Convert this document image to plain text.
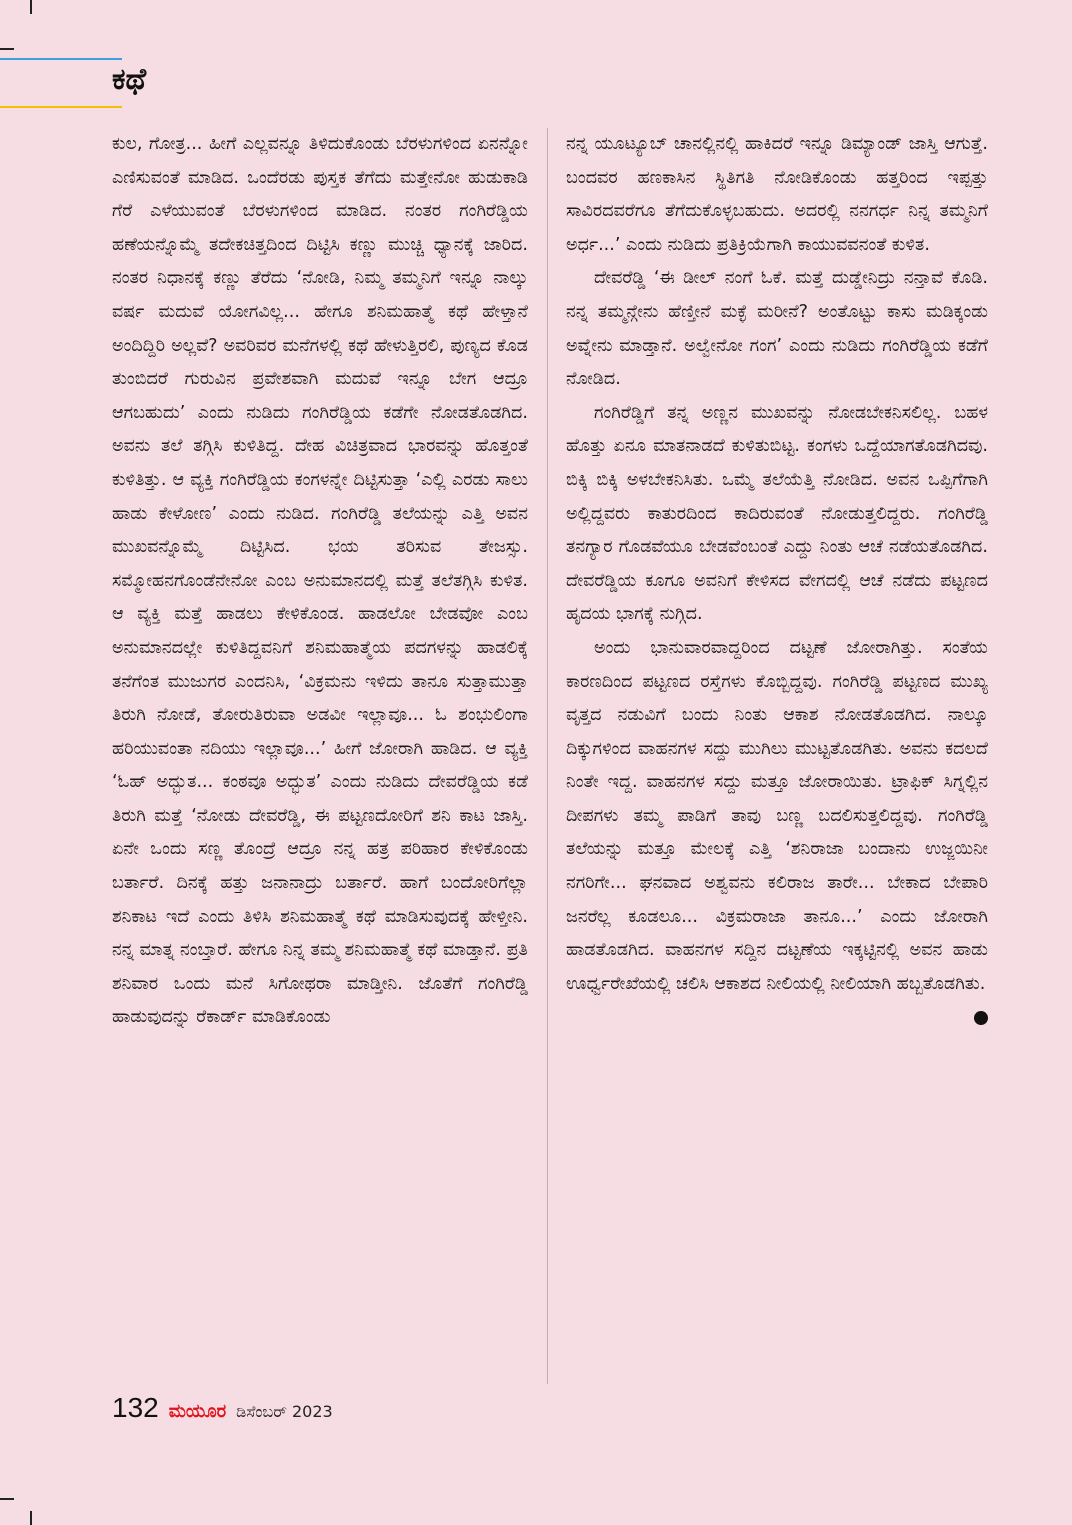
ಕಥೆ

ಕುಲ, ಗೋತ್ರ... ಹೀಗೆ ಎಲ್ಲವನ್ನೂ ತಿಳಿದುಕೊಂಡು ಬೆರಳುಗಳಿಂದ ಏನನ್ನೋ ಎಣಿಸುವಂತೆ ಮಾಡಿದ. ಒಂದೆರಡು ಪುಸ್ತಕ ತೆಗೆದು ಮತ್ತೇನೋ ಹುಡುಕಾಡಿ ಗೆರೆ ಎಳೆಯುವಂತೆ ಬೆರಳುಗಳಿಂದ ಮಾಡಿದ. ನಂತರ ಗಂಗಿರೆಡ್ಡಿಯ ಹಣೆಯನ್ನೊಮ್ಮೆ ತದೇಕಚಿತ್ತದಿಂದ ದಿಟ್ಟಿಸಿ ಕಣ್ಣು ಮುಚ್ಚಿ ಧ್ಯಾನಕ್ಕೆ ಜಾರಿದ. ನಂತರ ನಿಧಾನಕ್ಕೆ ಕಣ್ಣು ತೆರೆದು ‘ನೋಡಿ, ನಿಮ್ಮ ತಮ್ಮನಿಗೆ ಇನ್ನೂ ನಾಲ್ಕು ವರ್ಷ ಮದುವೆ ಯೋಗವಿಲ್ಲ... ಹೇಗೂ ಶನಿಮಹಾತ್ಮೆ ಕಥೆ ಹೇಳ್ತಾನೆ ಅಂದಿದ್ದಿರಿ ಅಲ್ಲವೆ? ಅವರಿವರ ಮನೆಗಳಲ್ಲಿ ಕಥೆ ಹೇಳುತ್ತಿರಲಿ, ಪುಣ್ಯದ ಕೊಡ ತುಂಬಿದರೆ ಗುರುವಿನ ಪ್ರವೇಶವಾಗಿ ಮದುವೆ ಇನ್ನೂ ಬೇಗ ಆದ್ರೂ ಆಗಬಹುದು’ ಎಂದು ನುಡಿದು ಗಂಗಿರೆಡ್ಡಿಯ ಕಡೆಗೇ ನೋಡತೊಡಗಿದ. ಅವನು ತಲೆ ತಗ್ಗಿಸಿ ಕುಳಿತಿದ್ದ. ದೇಹ ವಿಚಿತ್ರವಾದ ಭಾರವನ್ನು ಹೊತ್ತಂತೆ ಕುಳಿತಿತ್ತು. ಆ ವ್ಯಕ್ತಿ ಗಂಗಿರೆಡ್ಡಿಯ ಕಂಗಳನ್ನೇ ದಿಟ್ಟಿಸುತ್ತಾ ‘ಎಲ್ಲಿ ಎರಡು ಸಾಲು ಹಾಡು ಕೇಳೋಣ’ ಎಂದು ನುಡಿದ. ಗಂಗಿರೆಡ್ಡಿ ತಲೆಯನ್ನು ಎತ್ತಿ ಅವನ ಮುಖವನ್ನೊಮ್ಮೆ ದಿಟ್ಟಿಸಿದ. ಭಯ ತರಿಸುವ ತೇಜಸ್ಸು. ಸಮ್ಮೋಹನಗೊಂಡೆನೇನೋ ಎಂಬ ಅನುಮಾನದಲ್ಲಿ ಮತ್ತೆ ತಲೆತಗ್ಗಿಸಿ ಕುಳಿತ. ಆ ವ್ಯಕ್ತಿ ಮತ್ತೆ ಹಾಡಲು ಕೇಳಿಕೊಂಡ. ಹಾಡಲೋ ಬೇಡವೋ ಎಂಬ ಅನುಮಾನದಲ್ಲೇ ಕುಳಿತಿದ್ದವನಿಗೆ ಶನಿಮಹಾತ್ಮೆಯ ಪದಗಳನ್ನು ಹಾಡಲಿಕ್ಕೆ ತನೆಗೆಂತ ಮುಜುಗರ ಎಂದನಿಸಿ, ‘ವಿಕ್ರಮನು ಇಳಿದು ತಾನೂ ಸುತ್ತಾಮುತ್ತಾ ತಿರುಗಿ ನೋಡೆ, ತೋರುತಿರುವಾ ಅಡವೀ ಇಲ್ಲಾವೂ... ಓ ಶಂಭುಲಿಂಗಾ ಹರಿಯುವಂತಾ ನದಿಯು ಇಲ್ಲಾವೂ...’ ಹೀಗೆ ಜೋರಾಗಿ ಹಾಡಿದ. ಆ ವ್ಯಕ್ತಿ ‘ಓಹ್ ಅದ್ಭುತ... ಕಂಠವೂ ಅದ್ಭುತ’ ಎಂದು ನುಡಿದು ದೇವರೆಡ್ಡಿಯ ಕಡೆ ತಿರುಗಿ ಮತ್ತೆ ‘ನೋಡು ದೇವರೆಡ್ಡಿ, ಈ ಪಟ್ಟಣದೋರಿಗೆ ಶನಿ ಕಾಟ ಜಾಸ್ತಿ. ಏನೇ ಒಂದು ಸಣ್ಣ ತೊಂದ್ರೆ ಆದ್ರೂ ನನ್ನ ಹತ್ರ ಪರಿಹಾರ ಕೇಳಿಕೊಂಡು ಬರ್ತಾರೆ. ದಿನಕ್ಕೆ ಹತ್ತು ಜನಾನಾದ್ರು ಬರ್ತಾರೆ. ಹಾಗೆ ಬಂದೋರಿಗೆಲ್ಲಾ ಶನಿಕಾಟ ಇದೆ ಎಂದು ತಿಳಿಸಿ ಶನಿಮಹಾತ್ಮೆ ಕಥೆ ಮಾಡಿಸುವುದಕ್ಕೆ ಹೇಳ್ತೀನಿ. ನನ್ನ ಮಾತ್ನ ನಂಬ್ತಾರೆ. ಹೇಗೂ ನಿನ್ನ ತಮ್ಮ ಶನಿಮಹಾತ್ಮೆ ಕಥೆ ಮಾಡ್ತಾನೆ. ಪ್ರತಿ ಶನಿವಾರ ಒಂದು ಮನೆ ಸಿಗೋಥರಾ ಮಾಡ್ತೀನಿ. ಜೊತೆಗೆ ಗಂಗಿರೆಡ್ಡಿ ಹಾಡುವುದನ್ನು ರೆಕಾರ್ಡ್ ಮಾಡಿಕೊಂಡು

ನನ್ನ ಯೂಟ್ಯೂಬ್ ಚಾನಲ್ಲಿನಲ್ಲಿ ಹಾಕಿದರೆ ಇನ್ನೂ ಡಿಮ್ಯಾಂಡ್ ಜಾಸ್ತಿ ಆಗುತ್ತೆ. ಬಂದವರ ಹಣಕಾಸಿನ ಸ್ಥಿತಿಗತಿ ನೋಡಿಕೊಂಡು ಹತ್ತರಿಂದ ಇಪ್ಪತ್ತು ಸಾವಿರದವರೆಗೂ ತೆಗೆದುಕೊಳ್ಳಬಹುದು. ಅದರಲ್ಲಿ ನನಗರ್ಧ ನಿನ್ನ ತಮ್ಮನಿಗೆ ಅರ್ಧ...’ ಎಂದು ನುಡಿದು ಪ್ರತಿಕ್ರಿಯೆಗಾಗಿ ಕಾಯುವವನಂತೆ ಕುಳಿತ.

ದೇವರೆಡ್ಡಿ ‘ಈ ಡೀಲ್ ನಂಗೆ ಓಕೆ. ಮತ್ತೆ ದುಡ್ಡೇನಿದ್ರು ನನ್ತಾವೆ ಕೊಡಿ. ನನ್ನ ತಮ್ಮನ್ಗೇನು ಹೆಣ್ತೀನೆ ಮಕ್ಳೆ ಮರೀನೆ? ಅಂತೊಟ್ಟು ಕಾಸು ಮಡಿಕ್ಕಂಡು ಅವ್ನೇನು ಮಾಡ್ತಾನೆ. ಅಲ್ವೇನೋ ಗಂಗ’ ಎಂದು ನುಡಿದು ಗಂಗಿರೆಡ್ಡಿಯ ಕಡೆಗೆ ನೋಡಿದ.

ಗಂಗಿರೆಡ್ಡಿಗೆ ತನ್ನ ಅಣ್ಣನ ಮುಖವನ್ನು ನೋಡಬೇಕನಿಸಲಿಲ್ಲ. ಬಹಳ ಹೊತ್ತು ಏನೂ ಮಾತನಾಡದೆ ಕುಳಿತುಬಿಟ್ಟ. ಕಂಗಳು ಒದ್ದೆಯಾಗತೊಡಗಿದವು. ಬಿಕ್ಕಿ ಬಿಕ್ಕಿ ಅಳಬೇಕನಿಸಿತು. ಒಮ್ಮೆ ತಲೆಯೆತ್ತಿ ನೋಡಿದ. ಅವನ ಒಪ್ಪಿಗೆಗಾಗಿ ಅಲ್ಲಿದ್ದವರು ಕಾತುರದಿಂದ ಕಾದಿರುವಂತೆ ನೋಡುತ್ತಲಿದ್ದರು. ಗಂಗಿರೆಡ್ಡಿ ತನಗ್ಯಾರ ಗೊಡವೆಯೂ ಬೇಡವೆಂಬಂತೆ ಎದ್ದು ನಿಂತು ಆಚೆ ನಡೆಯತೊಡಗಿದ. ದೇವರೆಡ್ಡಿಯ ಕೂಗೂ ಅವನಿಗೆ ಕೇಳಿಸದ ವೇಗದಲ್ಲಿ ಆಚೆ ನಡೆದು ಪಟ್ಟಣದ ಹೃದಯ ಭಾಗಕ್ಕೆ ನುಗ್ಗಿದ.

ಅಂದು ಭಾನುವಾರವಾದ್ದರಿಂದ ದಟ್ಟಣೆ ಜೋರಾಗಿತ್ತು. ಸಂತೆಯ ಕಾರಣದಿಂದ ಪಟ್ಟಣದ ರಸ್ತೆಗಳು ಕೊಬ್ಬಿದ್ದವು. ಗಂಗಿರೆಡ್ಡಿ ಪಟ್ಟಣದ ಮುಖ್ಯ ವೃತ್ತದ ನಡುವಿಗೆ ಬಂದು ನಿಂತು ಆಕಾಶ ನೋಡತೊಡಗಿದ. ನಾಲ್ಕೂ ದಿಕ್ಕುಗಳಿಂದ ವಾಹನಗಳ ಸದ್ದು ಮುಗಿಲು ಮುಟ್ಟತೊಡಗಿತು. ಅವನು ಕದಲದೆ ನಿಂತೇ ಇದ್ದ. ವಾಹನಗಳ ಸದ್ದು ಮತ್ತೂ ಜೋರಾಯಿತು. ಟ್ರಾಫಿಕ್ ಸಿಗ್ನಲ್ಲಿನ ದೀಪಗಳು ತಮ್ಮ ಪಾಡಿಗೆ ತಾವು ಬಣ್ಣ ಬದಲಿಸುತ್ತಲಿದ್ದವು. ಗಂಗಿರೆಡ್ಡಿ ತಲೆಯನ್ನು ಮತ್ತೂ ಮೇಲಕ್ಕೆ ಎತ್ತಿ ‘ಶನಿರಾಜಾ ಬಂದಾನು ಉಜ್ಜಯಿನೀ ನಗರಿಗೇ... ಘನವಾದ ಅಶ್ವವನು ಕಲಿರಾಜ ತಾರೇ... ಬೇಕಾದ ಬೇಪಾರಿ ಜನರೆಲ್ಲ ಕೂಡಲೂ... ವಿಕ್ರಮರಾಜಾ ತಾನೂ...’ ಎಂದು ಜೋರಾಗಿ ಹಾಡತೊಡಗಿದ. ವಾಹನಗಳ ಸದ್ದಿನ ದಟ್ಟಣೆಯ ಇಕ್ಕಟ್ಟಿನಲ್ಲಿ ಅವನ ಹಾಡು ಊರ್ಧ್ವರೇಖೆಯಲ್ಲಿ ಚಲಿಸಿ ಆಕಾಶದ ನೀಲಿಯಲ್ಲಿ ನೀಲಿಯಾಗಿ ಹಬ್ಬತೊಡಗಿತು.

132 ಮಯೂರ ಡಿಸೆಂಬರ್ 2023
